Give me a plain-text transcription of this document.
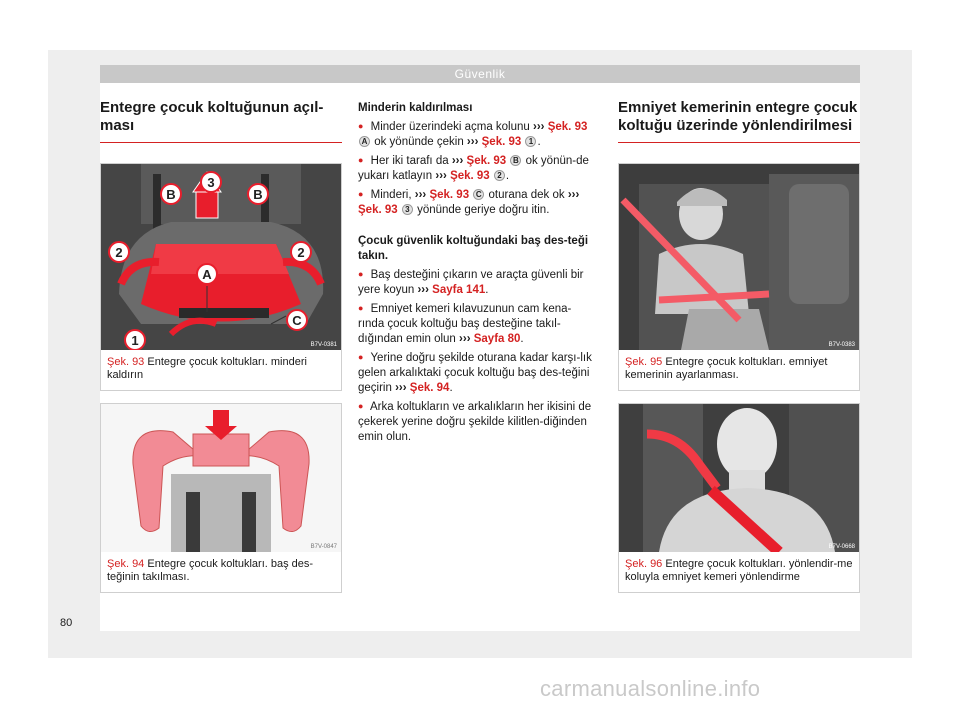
Güvenlik
Entegre çocuk koltuğunun açıl-
ması
A
B	B
C
1
2	2
3
B7V-0381
Şek. 93 Entegre çocuk koltukları. minderi kaldırın
B7V-0847
Şek. 94 Entegre çocuk koltukları. baş des-teğinin takılması.

Minderin kaldırılması

● Minder üzerindeki açma kolunu ››› Şek. 93 A ok yönünde çekin ››› Şek. 93 1 .

● Her iki tarafı da ››› Şek. 93 B ok yönün-de yukarı katlayın ››› Şek. 93 2 .

● Minderi, ››› Şek. 93 C oturana dek ok ››› Şek. 93 3 yönünde geriye doğru itin.

Çocuk güvenlik koltuğundaki baş des-teği takın.

● Baş desteğini çıkarın ve araçta güvenli bir yere koyun ››› Sayfa 141.

● Emniyet kemeri kılavuzunun cam kena-rında çocuk koltuğu baş desteğine takıl-dığından emin olun ››› Sayfa 80.

● Yerine doğru şekilde oturana kadar karşı-lık gelen arkalıktaki çocuk koltuğu baş des-teğini geçirin ››› Şek. 94.

● Arka koltukların ve arkalıkların her ikisini de çekerek yerine doğru şekilde kilitlen-diğinden emin olun.

Emniyet kemerinin entegre çocuk koltuğu üzerinde yönlendirilmesi
B7V-0383
Şek. 95 Entegre çocuk koltukları. emniyet kemerinin ayarlanması.
B7V-0668
Şek. 96 Entegre çocuk koltukları. yönlendir-me koluyla emniyet kemeri yönlendirme
80
carmanualsonline.info
